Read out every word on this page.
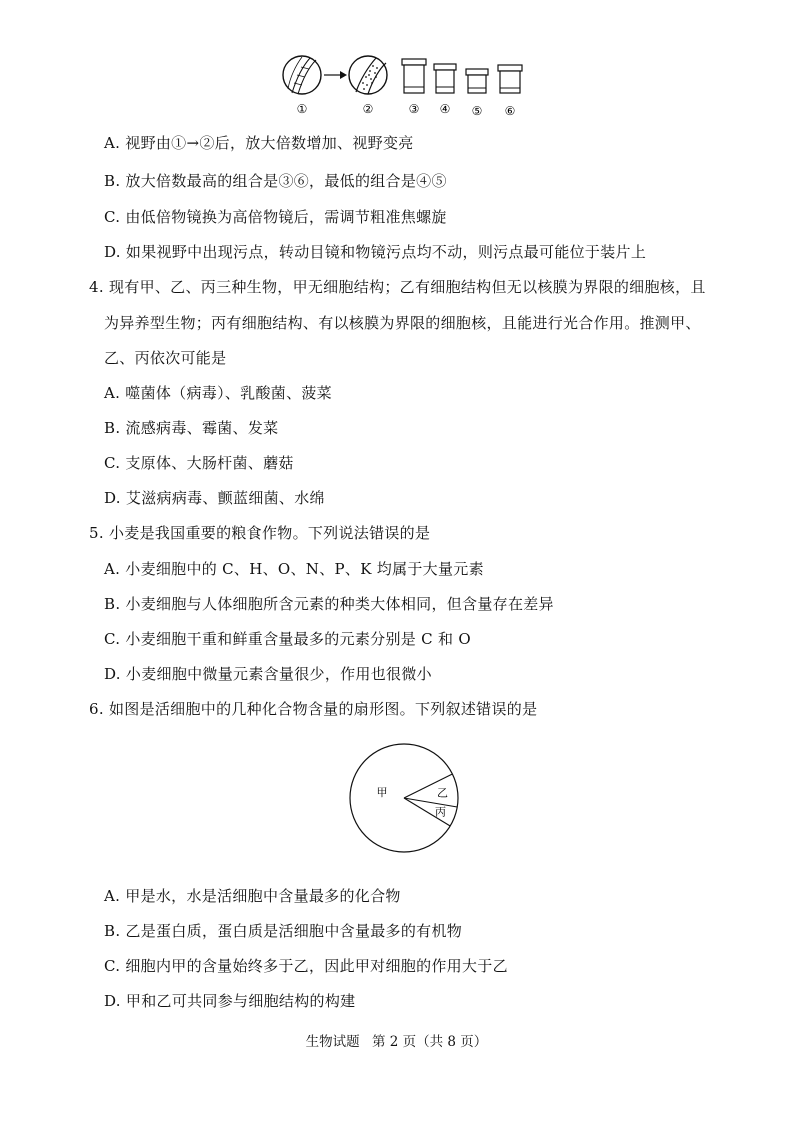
①	②	③ ④ ⑤ ⑥
A. 视野由①→②后，放大倍数增加、视野变亮
B. 放大倍数最高的组合是③⑥，最低的组合是④⑤
C. 由低倍物镜换为高倍物镜后，需调节粗准焦螺旋
D. 如果视野中出现污点，转动目镜和物镜污点均不动，则污点最可能位于装片上
4. 现有甲、乙、丙三种生物，甲无细胞结构；乙有细胞结构但无以核膜为界限的细胞核，且
为异养型生物；丙有细胞结构、有以核膜为界限的细胞核，且能进行光合作用。推测甲、
乙、丙依次可能是
A. 噬菌体（病毒）、乳酸菌、菠菜
B. 流感病毒、霉菌、发菜
C. 支原体、大肠杆菌、蘑菇
D. 艾滋病病毒、颤蓝细菌、水绵
5. 小麦是我国重要的粮食作物。下列说法错误的是
A. 小麦细胞中的 C、H、O、N、P、K 均属于大量元素
B. 小麦细胞与人体细胞所含元素的种类大体相同，但含量存在差异
C. 小麦细胞干重和鲜重含量最多的元素分别是 C 和 O
D. 小麦细胞中微量元素含量很少，作用也很微小
6. 如图是活细胞中的几种化合物含量的扇形图。下列叙述错误的是
乙
丙
甲
A. 甲是水，水是活细胞中含量最多的化合物
B. 乙是蛋白质，蛋白质是活细胞中含量最多的有机物
C. 细胞内甲的含量始终多于乙，因此甲对细胞的作用大于乙
D. 甲和乙可共同参与细胞结构的构建
生物试题 第 2 页（共 8 页）
